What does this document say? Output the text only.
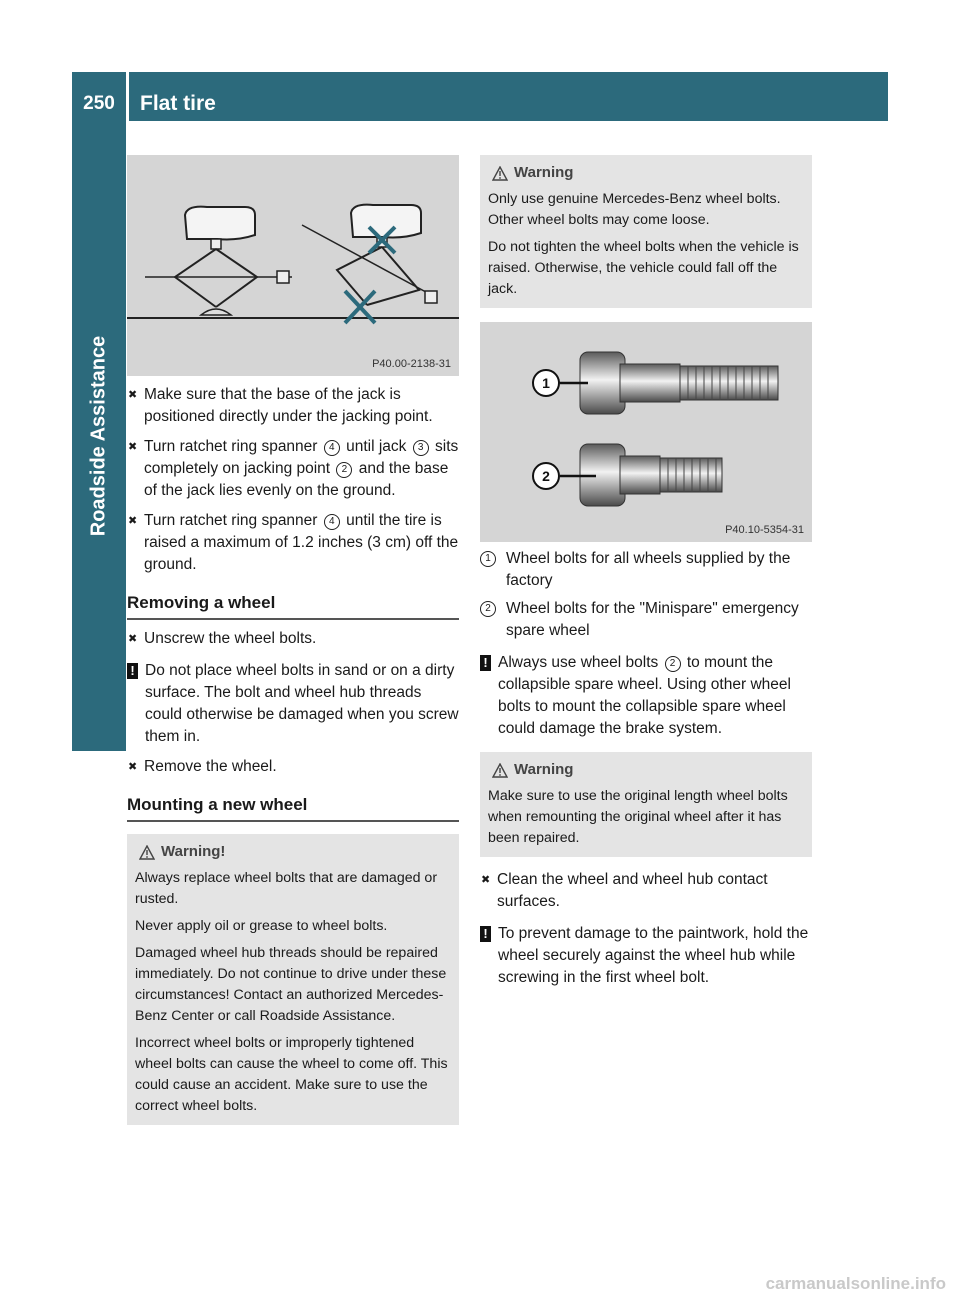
250	Flat tire
Roadside Assistance	P40.00-2138-31
✖ Make sure that the base of the jack is positioned directly under the jacking point.
✖ Turn ratchet ring spanner 4 until jack 3 sits completely on jacking point 2 and the base of the jack lies evenly on the ground.
✖ Turn ratchet ring spanner 4 until the tire is raised a maximum of 1.2 inches (3 cm) off the ground.
Removing a wheel
✖ Unscrew the wheel bolts.
! Do not place wheel bolts in sand or on a dirty surface. The bolt and wheel hub threads could otherwise be damaged when you screw them in.
✖ Remove the wheel.
Mounting a new wheel
Warning!

Always replace wheel bolts that are damaged or rusted.

Never apply oil or grease to wheel bolts.

Damaged wheel hub threads should be repaired immediately. Do not continue to drive under these circumstances! Contact an authorized Mercedes-Benz Center or call Roadside Assistance.

Incorrect wheel bolts or improperly tightened wheel bolts can cause the wheel to come off. This could cause an accident. Make sure to use the correct wheel bolts.

Warning

Only use genuine Mercedes-Benz wheel bolts. Other wheel bolts may come loose.

Do not tighten the wheel bolts when the vehicle is raised. Otherwise, the vehicle could fall off the jack.

1
2
P40.10-5354-31
1 Wheel bolts for all wheels supplied by the factory
2 Wheel bolts for the "Minispare" emergency spare wheel
! Always use wheel bolts 2 to mount the collapsible spare wheel. Using other wheel bolts to mount the collapsible spare wheel could damage the brake system.
Warning

Make sure to use the original length wheel bolts when remounting the original wheel after it has been repaired.

✖ Clean the wheel and wheel hub contact surfaces.
! To prevent damage to the paintwork, hold the wheel securely against the wheel hub while screwing in the first wheel bolt.
carmanualsonline.info
